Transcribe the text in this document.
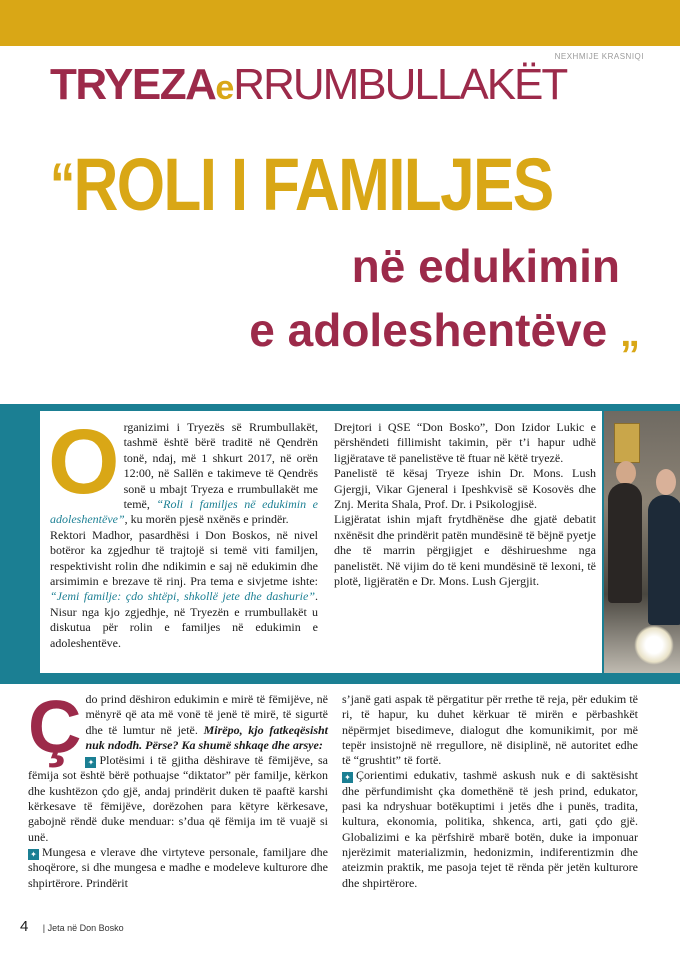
NEXHMIJE KRASNIQI
TRYEZAeRRUMBULLAKËT
“ROLI I FAMILJES
në edukimin
e adoleshentëve „

Organizimi i Tryezës së Rrumbullakët, tashmë është bërë traditë në Qendrën tonë, ndaj, më 1 shkurt 2017, në orën 12:00, në Sallën e takimeve të Qendrës sonë u mbajt Tryeza e rrumbullakët me temë, “Roli i familjes në edukimin e adoleshentëve”, ku morën pjesë nxënës e prindër.

Rektori Madhor, pasardhësi i Don Boskos, në nivel botëror ka zgjedhur të trajtojë si temë viti familjen, respektivisht rolin dhe ndikimin e saj në edukimin dhe arsimimin e brezave të rinj. Pra tema e sivjetme ishte: “Jemi familje: çdo shtëpi, shkollë jete dhe dashurie”. Nisur nga kjo zgjedhje, në Tryezën e rrumbullakët u diskutua për rolin e familjes në edukimin e adoleshentëve.

Drejtori i QSE “Don Bosko”, Don Izidor Lukic e përshëndeti fillimisht takimin, për t’i hapur udhë ligjëratave të panelistëve të ftuar në këtë tryezë.

Panelistë të kësaj Tryeze ishin Dr. Mons. Lush Gjergji, Vikar Gjeneral i Ipeshkvisë së Kosovës dhe Znj. Merita Shala, Prof. Dr. i Psikologjisë.

Ligjëratat ishin mjaft frytdhënëse dhe gjatë debatit nxënësit dhe prindërit patën mundësinë të bëjnë pyetje dhe të marrin përgjigjet e dëshirueshme nga panelistët. Në vijim do të keni mundësinë të lexoni, të plotë, ligjëratën e Dr. Mons. Lush Gjergjit.

Çdo prind dëshiron edukimin e mirë të fëmijëve, në mënyrë që ata më vonë të jenë të mirë, të sigurtë dhe të lumtur në jetë. Mirëpo, kjo fatkeqësisht nuk ndodh. Përse? Ka shumë shkaqe dhe arsye:

✦ Plotësimi i të gjitha dëshirave të fëmijëve, sa fëmija sot është bërë pothuajse “diktator” për familje, kërkon dhe kushtëzon çdo gjë, andaj prindërit duken të paaftë karshi kërkesave të fëmijëve, dorëzohen para këtyre kërkesave, gabojnë rëndë duke menduar: s’dua që fëmija im të vuajë si unë.

✦ Mungesa e vlerave dhe virtyteve personale, familjare dhe shoqërore, si dhe mungesa e madhe e modeleve kulturore dhe shpirtërore. Prindërit

s’janë gati aspak të përgatitur për rrethe të reja, për edukim të ri, të hapur, ku duhet kërkuar të mirën e përbashkët nëpërmjet bisedimeve, dialogut dhe komunikimit, por më tepër insistojnë në rregullore, në disiplinë, në autoritet edhe të “grushtit” të fortë.

✦ Çorientimi edukativ, tashmë askush nuk e di saktësisht dhe përfundimisht çka domethënë të jesh prind, edukator, pasi ka ndryshuar botëkuptimi i jetës dhe i punës, tradita, kultura, ekonomia, politika, shkenca, arti, gati çdo gjë. Globalizimi e ka përfshirë mbarë botën, duke ia imponuar njerëzimit materializmin, hedonizmin, indiferentizmin dhe ateizmin praktik, me pasoja tejet të rënda për jetën kulturore dhe shpirtërore.

4 | Jeta në Don Bosko
